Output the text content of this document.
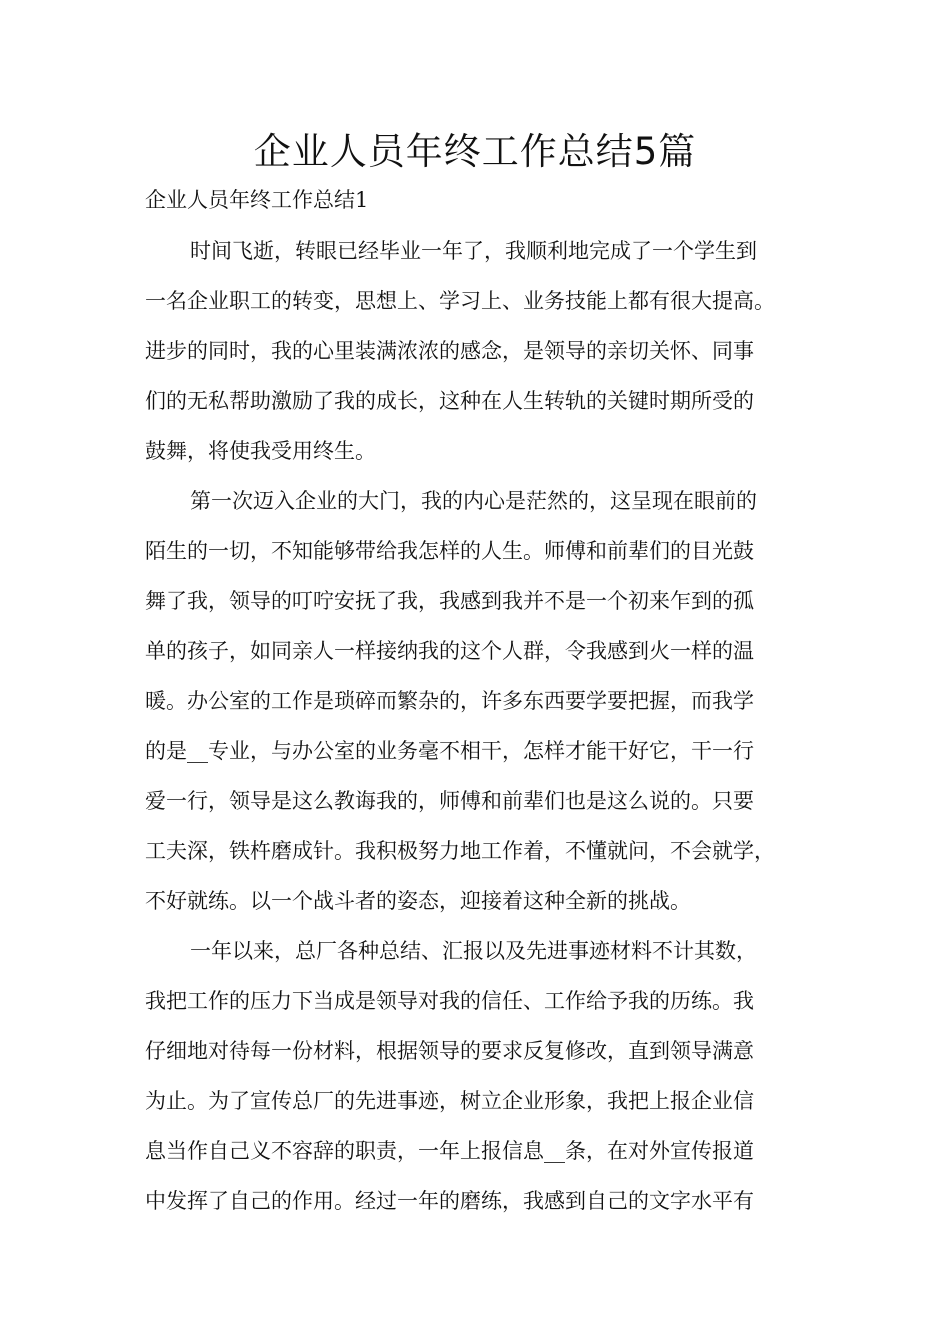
企业人员年终工作总结5篇
企业人员年终工作总结1

时间飞逝，转眼已经毕业一年了，我顺利地完成了一个学生到

一名企业职工的转变，思想上、学习上、业务技能上都有很大提高。

进步的同时，我的心里装满浓浓的感念，是领导的亲切关怀、同事

们的无私帮助激励了我的成长，这种在人生转轨的关键时期所受的

鼓舞，将使我受用终生。

第一次迈入企业的大门，我的内心是茫然的，这呈现在眼前的

陌生的一切，不知能够带给我怎样的人生。师傅和前辈们的目光鼓

舞了我，领导的叮咛安抚了我，我感到我并不是一个初来乍到的孤

单的孩子，如同亲人一样接纳我的这个人群，令我感到火一样的温

暖。办公室的工作是琐碎而繁杂的，许多东西要学要把握，而我学

的是__专业，与办公室的业务毫不相干，怎样才能干好它，干一行

爱一行，领导是这么教诲我的，师傅和前辈们也是这么说的。只要

工夫深，铁杵磨成针。我积极努力地工作着，不懂就问，不会就学，

不好就练。以一个战斗者的姿态，迎接着这种全新的挑战。

一年以来，总厂各种总结、汇报以及先进事迹材料不计其数，

我把工作的压力下当成是领导对我的信任、工作给予我的历练。我

仔细地对待每一份材料，根据领导的要求反复修改，直到领导满意

为止。为了宣传总厂的先进事迹，树立企业形象，我把上报企业信

息当作自己义不容辞的职责，一年上报信息__条，在对外宣传报道

中发挥了自己的作用。经过一年的磨练，我感到自己的文字水平有
